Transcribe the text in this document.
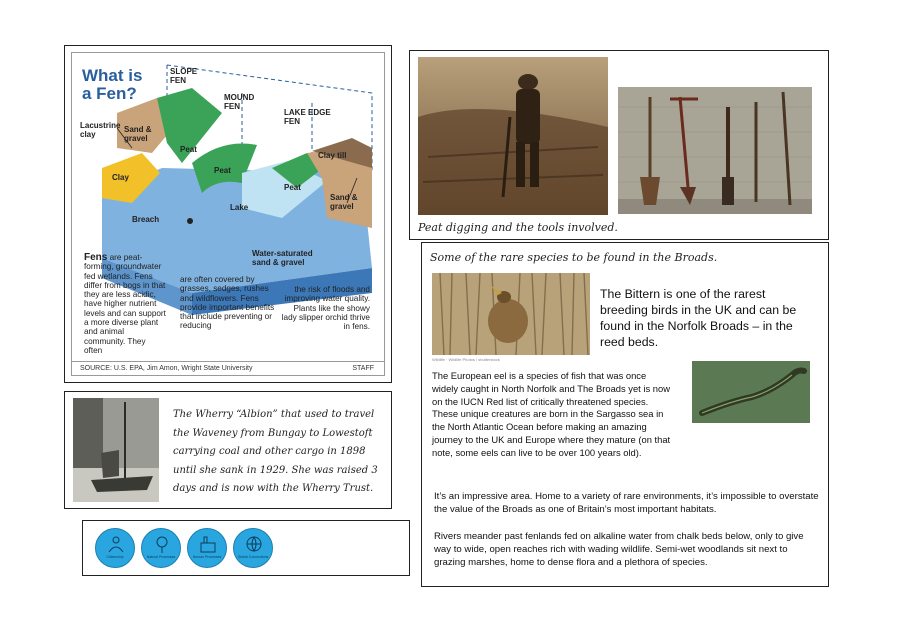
What is a Fen?
SLOPE FEN
MOUND FEN
LAKE EDGE FEN
Lacustrine clay
Sand & gravel
Peat
Peat
Peat
Clay till
Clay
Breach
Lake
Sand & gravel
Water-saturated sand & gravel
Fens are peat-forming, groundwater fed wetlands. Fens differ from bogs in that they are less acidic, have higher nutrient levels and can support a more diverse plant and animal community. They often
are often covered by grasses, sedges, rushes and wildflowers. Fens provide important benefits that include preventing or reducing
the risk of floods and improving water quality. Plants like the showy lady slipper orchid thrive in fens.
SOURCE: U.S. EPA, Jim Amon, Wright State University	STAFF
Peat digging and the tools involved.
Some of the rare species to be found in the Broads.
Wildlife · Wildlife Photos / shutterstock
The Bittern is one of the rarest breeding birds in the UK and can be found in the Norfolk Broads – in the reed beds.
The European eel is a species of fish that was once widely caught in North Norfolk and The Broads yet is now on the IUCN Red list of critically threatened species. These unique creatures are born in the Sargasso sea in the North Atlantic Ocean before making an amazing journey to the UK and Europe where they mature (on that note, some eels can live to be over 100 years old).
It’s an impressive area. Home to a variety of rare environments, it’s impossible to overstate the value of the Broads as one of Britain’s most important habitats.
Rivers meander past fenlands fed on alkaline water from chalk beds below, only to give way to wide, open reaches rich with wading wildlife. Semi-wet woodlands sit next to grazing marshes, home to dense flora and a plethora of species.
The Wherry “Albion” that used to travel the Waveney from Bungay to Lowestoft carrying coal and other cargo in 1898 until she sank in 1929. She was raised 3 days and is now with the Wherry Trust.
Citizenship	Natural Processes	Human Processes	Global Connections
